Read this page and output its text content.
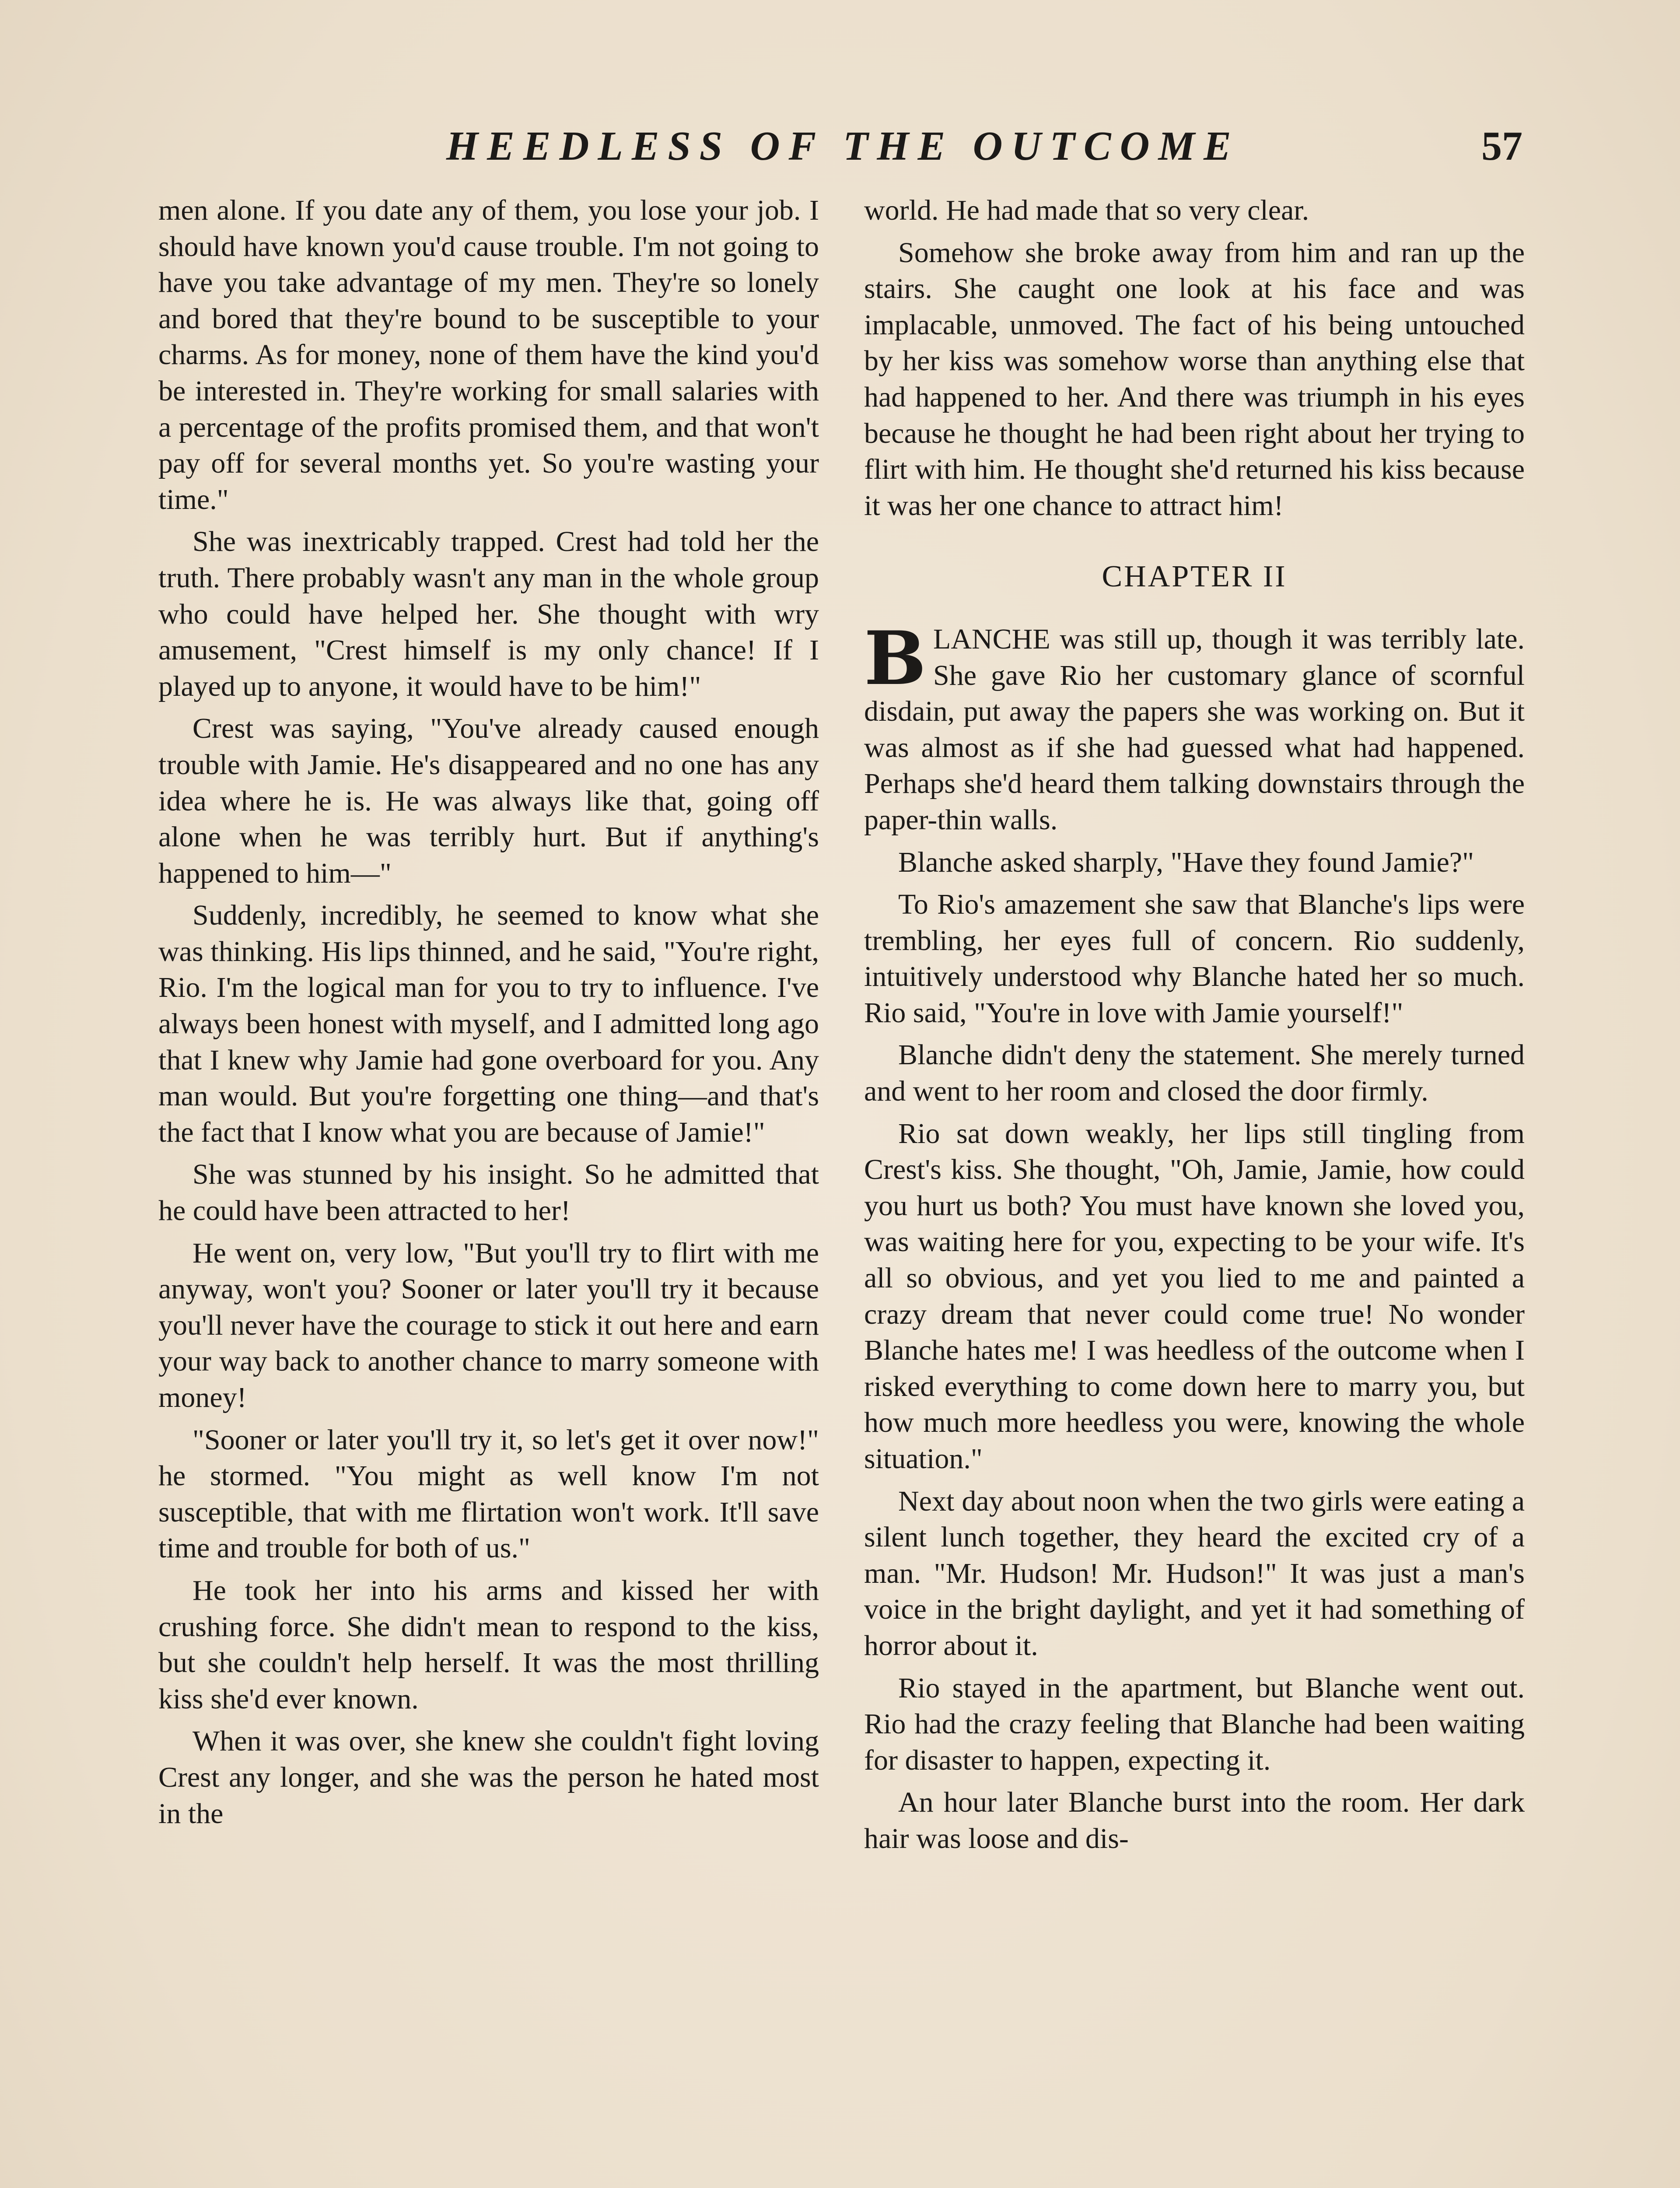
HEEDLESS OF THE OUTCOME	57

men alone. If you date any of them, you lose your job. I should have known you'd cause trouble. I'm not going to have you take advantage of my men. They're so lonely and bored that they're bound to be susceptible to your charms. As for money, none of them have the kind you'd be interested in. They're working for small salaries with a percentage of the profits promised them, and that won't pay off for several months yet. So you're wasting your time."

She was inextricably trapped. Crest had told her the truth. There probably wasn't any man in the whole group who could have helped her. She thought with wry amusement, "Crest himself is my only chance! If I played up to anyone, it would have to be him!"

Crest was saying, "You've already caused enough trouble with Jamie. He's disappeared and no one has any idea where he is. He was always like that, going off alone when he was terribly hurt. But if anything's happened to him—"

Suddenly, incredibly, he seemed to know what she was thinking. His lips thinned, and he said, "You're right, Rio. I'm the logical man for you to try to influence. I've always been honest with myself, and I admitted long ago that I knew why Jamie had gone overboard for you. Any man would. But you're forgetting one thing—and that's the fact that I know what you are because of Jamie!"

She was stunned by his insight. So he admitted that he could have been attracted to her!

He went on, very low, "But you'll try to flirt with me anyway, won't you? Sooner or later you'll try it because you'll never have the courage to stick it out here and earn your way back to another chance to marry someone with money!

"Sooner or later you'll try it, so let's get it over now!" he stormed. "You might as well know I'm not susceptible, that with me flirtation won't work. It'll save time and trouble for both of us."

He took her into his arms and kissed her with crushing force. She didn't mean to respond to the kiss, but she couldn't help herself. It was the most thrilling kiss she'd ever known.

When it was over, she knew she couldn't fight loving Crest any longer, and she was the person he hated most in the

world. He had made that so very clear.

Somehow she broke away from him and ran up the stairs. She caught one look at his face and was implacable, unmoved. The fact of his being untouched by her kiss was somehow worse than anything else that had happened to her. And there was triumph in his eyes because he thought he had been right about her trying to flirt with him. He thought she'd returned his kiss because it was her one chance to attract him!

CHAPTER II

BLANCHE was still up, though it was terribly late. She gave Rio her customary glance of scornful disdain, put away the papers she was working on. But it was almost as if she had guessed what had happened. Perhaps she'd heard them talking downstairs through the paper-thin walls.

Blanche asked sharply, "Have they found Jamie?"

To Rio's amazement she saw that Blanche's lips were trembling, her eyes full of concern. Rio suddenly, intuitively understood why Blanche hated her so much. Rio said, "You're in love with Jamie yourself!"

Blanche didn't deny the statement. She merely turned and went to her room and closed the door firmly.

Rio sat down weakly, her lips still tingling from Crest's kiss. She thought, "Oh, Jamie, Jamie, how could you hurt us both? You must have known she loved you, was waiting here for you, expecting to be your wife. It's all so obvious, and yet you lied to me and painted a crazy dream that never could come true! No wonder Blanche hates me! I was heedless of the outcome when I risked everything to come down here to marry you, but how much more heedless you were, knowing the whole situation."

Next day about noon when the two girls were eating a silent lunch together, they heard the excited cry of a man. "Mr. Hudson! Mr. Hudson!" It was just a man's voice in the bright daylight, and yet it had something of horror about it.

Rio stayed in the apartment, but Blanche went out. Rio had the crazy feeling that Blanche had been waiting for disaster to happen, expecting it.

An hour later Blanche burst into the room. Her dark hair was loose and dis-
